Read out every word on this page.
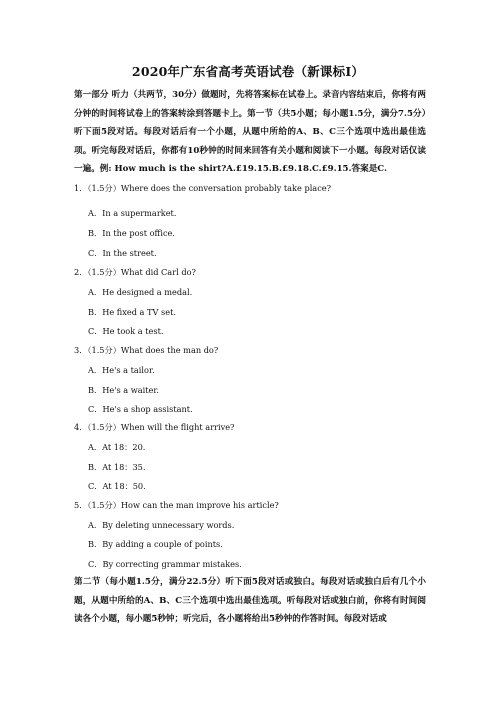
2020年广东省高考英语试卷（新课标Ⅰ）
第一部分 听力（共两节，30分）做题时，先将答案标在试卷上。录音内容结束后，你将有两分钟的时间将试卷上的答案转涂到答题卡上。第一节（共5小题；每小题1.5分，满分7.5分）听下面5段对话。每段对话后有一个小题，从题中所给的A、B、C三个选项中选出最佳选项。听完每段对话后，你都有10秒钟的时间来回答有关小题和阅读下一小题。每段对话仅读一遍。例: How much is the shirt?A.£19.15.B.£9.18.C.£9.15.答案是C.
1．（1.5分）Where does the conversation probably take place?
A．In a supermarket.
B．In the post office.
C．In the street.
2．（1.5分）What did Carl do?
A．He designed a medal.
B．He fixed a TV set.
C．He took a test.
3．（1.5分）What does the man do?
A．He's a tailor.
B．He's a waiter.
C．He's a shop assistant.
4．（1.5分）When will the flight arrive?
A．At 18：20.
B．At 18：35.
C．At 18：50.
5．（1.5分）How can the man improve his article?
A．By deleting unnecessary words.
B．By adding a couple of points.
C．By correcting grammar mistakes.
第二节（每小题1.5分，满分22.5分）听下面5段对话或独白。每段对话或独白后有几个小题，从题中所给的A、B、C三个选项中选出最佳选项。听每段对话或独白前，你将有时间阅读各个小题，每小题5秒钟；听完后，各小题将给出5秒钟的作答时间。每段对话或
